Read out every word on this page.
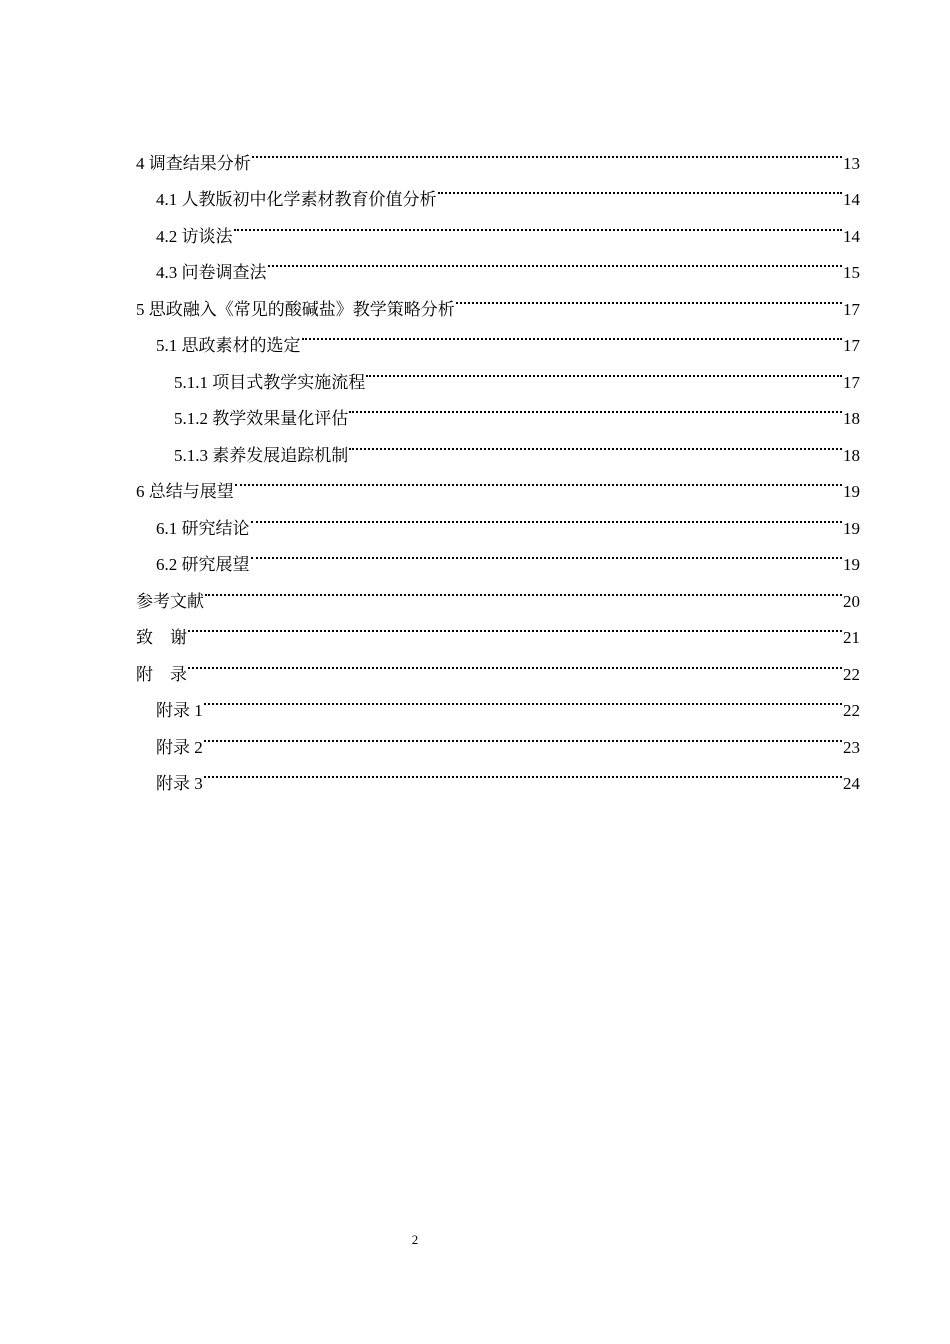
4 调查结果分析	13
4.1 人教版初中化学素材教育价值分析	14
4.2 访谈法	14
4.3 问卷调查法	15
5 思政融入《常见的酸碱盐》教学策略分析	17
5.1 思政素材的选定	17
5.1.1 项目式教学实施流程	17
5.1.2 教学效果量化评估	18
5.1.3 素养发展追踪机制	18
6 总结与展望	19
6.1 研究结论	19
6.2 研究展望	19
参考文献	20
致　谢	21
附　录	22
附录 1	22
附录 2	23
附录 3	24
2
